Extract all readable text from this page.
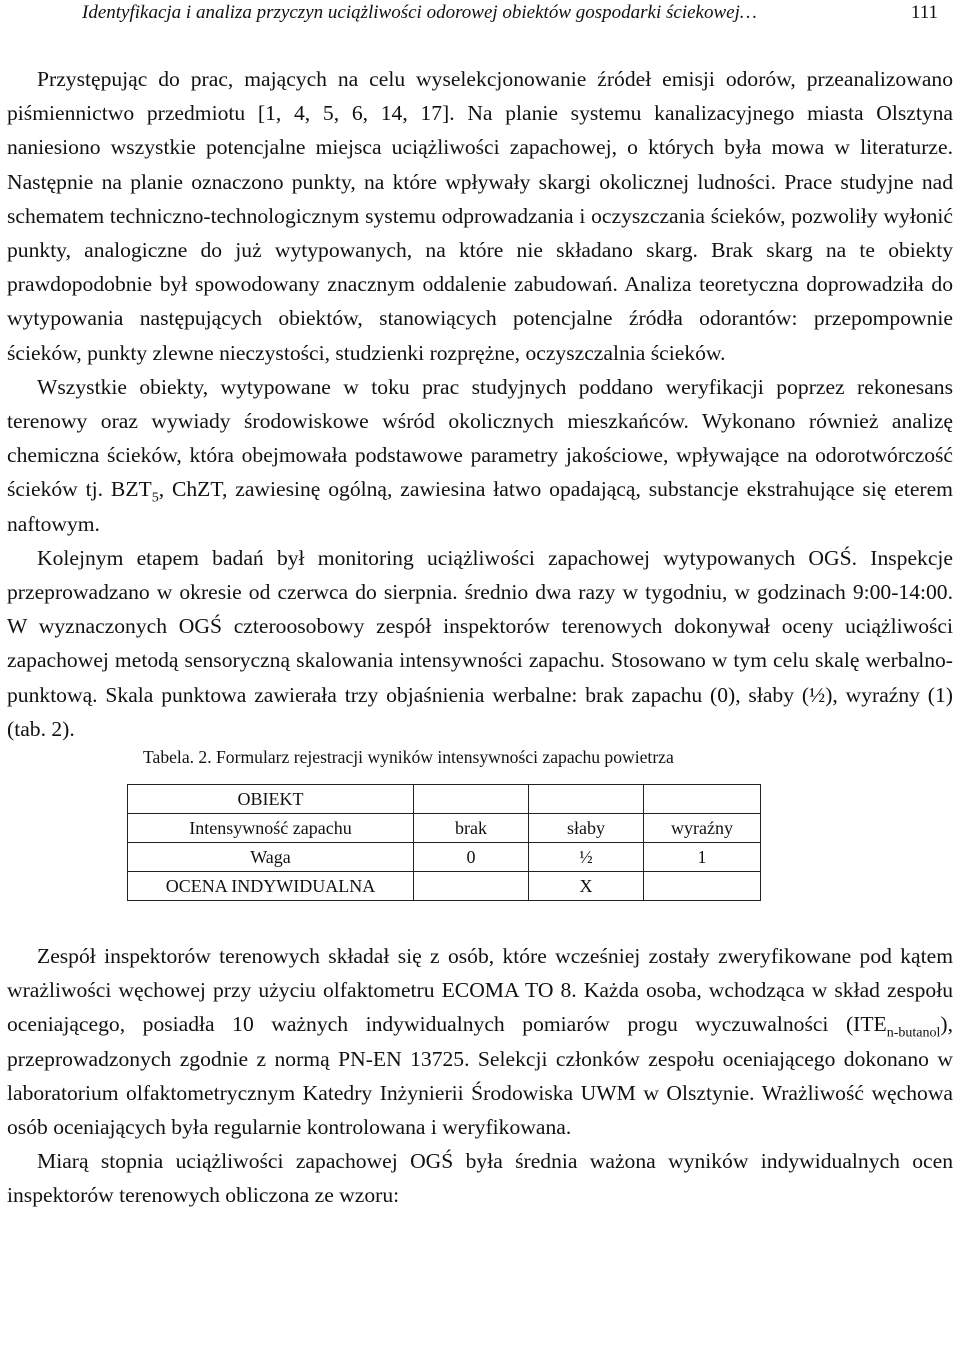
Identyfikacja i analiza przyczyn uciążliwości odorowej obiektów gospodarki ściekowej…	111

Przystępując do prac, mających na celu wyselekcjonowanie źródeł emisji odorów, przeanalizowano piśmiennictwo przedmiotu [1, 4, 5, 6, 14, 17]. Na planie systemu kanalizacyjnego miasta Olsztyna naniesiono wszystkie potencjalne miejsca uciążliwości zapachowej, o których była mowa w literaturze. Następnie na planie oznaczono punkty, na które wpływały skargi okolicznej ludności. Prace studyjne nad schematem techniczno-technologicznym systemu odprowadzania i oczyszczania ścieków, pozwoliły wyłonić punkty, analogiczne do już wytypowanych, na które nie składano skarg. Brak skarg na te obiekty prawdopodobnie był spowodowany znacznym oddalenie zabudowań. Analiza teoretyczna doprowadziła do wytypowania następujących obiektów, stanowiących potencjalne źródła odorantów: przepompownie ścieków, punkty zlewne nieczystości, studzienki rozprężne, oczyszczalnia ścieków.

Wszystkie obiekty, wytypowane w toku prac studyjnych poddano weryfikacji poprzez rekonesans terenowy oraz wywiady środowiskowe wśród okolicznych mieszkańców. Wykonano również analizę chemiczna ścieków, która obejmowała podstawowe parametry jakościowe, wpływające na odorotwórczość ścieków tj. $BZT_5$, ChZT, zawiesinę ogólną, zawiesina łatwo opadającą, substancje ekstrahujące się eterem naftowym.

Kolejnym etapem badań był monitoring uciążliwości zapachowej wytypowanych OGŚ. Inspekcje przeprowadzano w okresie od czerwca do sierpnia. średnio dwa razy w tygodniu, w godzinach 9:00-14:00. W wyznaczonych OGŚ czteroosobowy zespół inspektorów terenowych dokonywał oceny uciążliwości zapachowej metodą sensoryczną skalowania intensywności zapachu. Stosowano w tym celu skalę werbalnopunktową. Skala punktowa zawierała trzy objaśnienia werbalne: brak zapachu (0), słaby (½), wyraźny (1) (tab. 2).

Tabela. 2. Formularz rejestracji wyników intensywności zapachu powietrza

OBIEKT			
Intensywność zapachu	brak	słaby	wyraźny
Waga	0	½	1
OCENA INDYWIDUALNA		X	

Zespół inspektorów terenowych składał się z osób, które wcześniej zostały zweryfikowane pod kątem wrażliwości węchowej przy użyciu olfaktometru ECOMA TO 8. Każda osoba, wchodząca w skład zespołu oceniającego, posiadła 10 ważnych indywidualnych pomiarów progu wyczuwalności $(ITE_{n-butanol})$, przeprowadzonych zgodnie z normą PN-EN 13725. Selekcji członków zespołu oceniającego dokonano w laboratorium olfaktometrycznym Katedry Inżynierii Środowiska UWM w Olsztynie. Wrażliwość węchowa osób oceniających była regularnie kontrolowana i weryfikowana.

Miarą stopnia uciążliwości zapachowej OGŚ była średnia ważona wyników indywidualnych ocen inspektorów terenowych obliczona ze wzoru:
